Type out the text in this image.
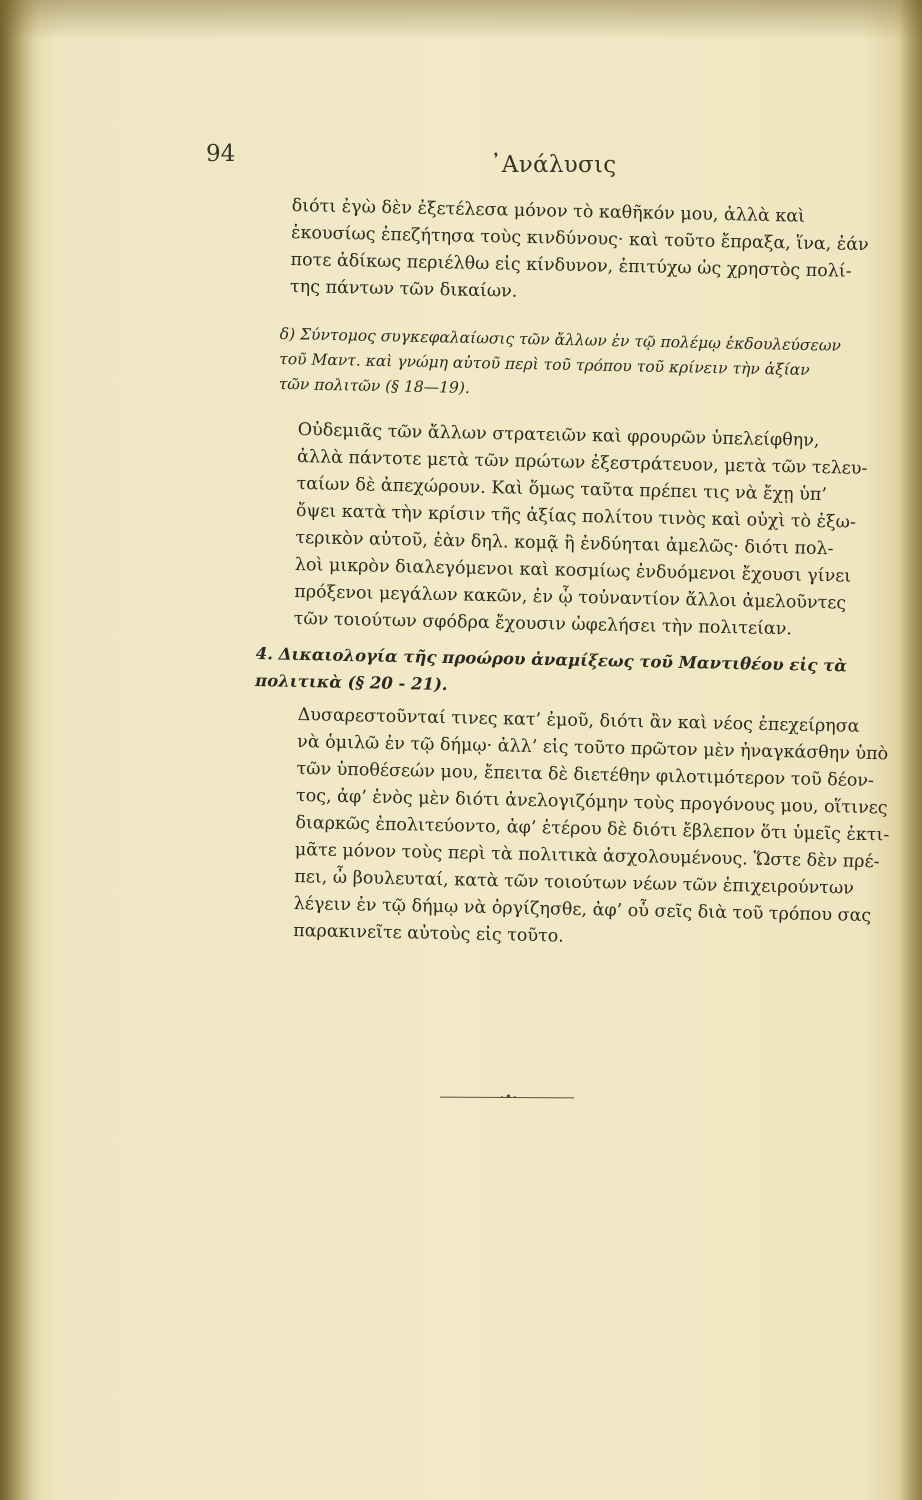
94	᾿Ανάλυσις

διότι ἐγὼ δὲν ἐξετέλεσα μόνον τὸ καθῆκόν μου, ἀλλὰ καὶ
ἑκουσίως ἐπεζήτησα τοὺς κινδύνους· καὶ τοῦτο ἔπραξα, ἵνα, ἐάν
ποτε ἀδίκως περιέλθω εἰς κίνδυνον, ἐπιτύχω ὡς χρηστὸς πολί-
της πάντων τῶν δικαίων.

δ) Σύντομος συγκεφαλαίωσις τῶν ἄλλων ἐν τῷ πολέμῳ ἐκδουλεύσεων
τοῦ Μαντ. καὶ γνώμη αὐτοῦ περὶ τοῦ τρόπου τοῦ κρίνειν τὴν ἀξίαν
τῶν πολιτῶν (§ 18—19).

Οὐδεμιᾶς τῶν ἄλλων στρατειῶν καὶ φρουρῶν ὑπελείφθην,
ἀλλὰ πάντοτε μετὰ τῶν πρώτων ἐξεστράτευον, μετὰ τῶν τελευ-
ταίων δὲ ἀπεχώρουν. Καὶ ὅμως ταῦτα πρέπει τις νὰ ἔχῃ ὑπ’
ὄψει κατὰ τὴν κρίσιν τῆς ἀξίας πολίτου τινὸς καὶ οὐχὶ τὸ ἐξω-
τερικὸν αὐτοῦ, ἐὰν δηλ. κομᾷ ἢ ἐνδύηται ἀμελῶς· διότι πολ-
λοὶ μικρὸν διαλεγόμενοι καὶ κοσμίως ἐνδυόμενοι ἔχουσι γίνει
πρόξενοι μεγάλων κακῶν, ἐν ᾧ τοὐναντίον ἄλλοι ἀμελοῦντες
τῶν τοιούτων σφόδρα ἔχουσιν ὠφελήσει τὴν πολιτείαν.

4. Δικαιολογία τῆς προώρου ἀναμίξεως τοῦ Μαντιθέου εἰς τὰ
πολιτικὰ (§ 20 - 21).

Δυσαρεστοῦνταί τινες κατ’ ἐμοῦ, διότι ἂν καὶ νέος ἐπεχείρησα
νὰ ὁμιλῶ ἐν τῷ δήμῳ· ἀλλ’ εἰς τοῦτο πρῶτον μὲν ἠναγκάσθην ὑπὸ
τῶν ὑποθέσεών μου, ἔπειτα δὲ διετέθην φιλοτιμότερον τοῦ δέον-
τος, ἀφ’ ἑνὸς μὲν διότι ἀνελογιζόμην τοὺς προγόνους μου, οἵτινες
διαρκῶς ἐπολιτεύοντο, ἀφ’ ἑτέρου δὲ διότι ἔβλεπον ὅτι ὑμεῖς ἐκτι-
μᾶτε μόνον τοὺς περὶ τὰ πολιτικὰ ἀσχολουμένους. Ὥστε δὲν πρέ-
πει, ὦ βουλευταί, κατὰ τῶν τοιούτων νέων τῶν ἐπιχειρούντων
λέγειν ἐν τῷ δήμῳ νὰ ὀργίζησθε, ἀφ’ οὗ σεῖς διὰ τοῦ τρόπου σας
παρακινεῖτε αὐτοὺς εἰς τοῦτο.

·•·
